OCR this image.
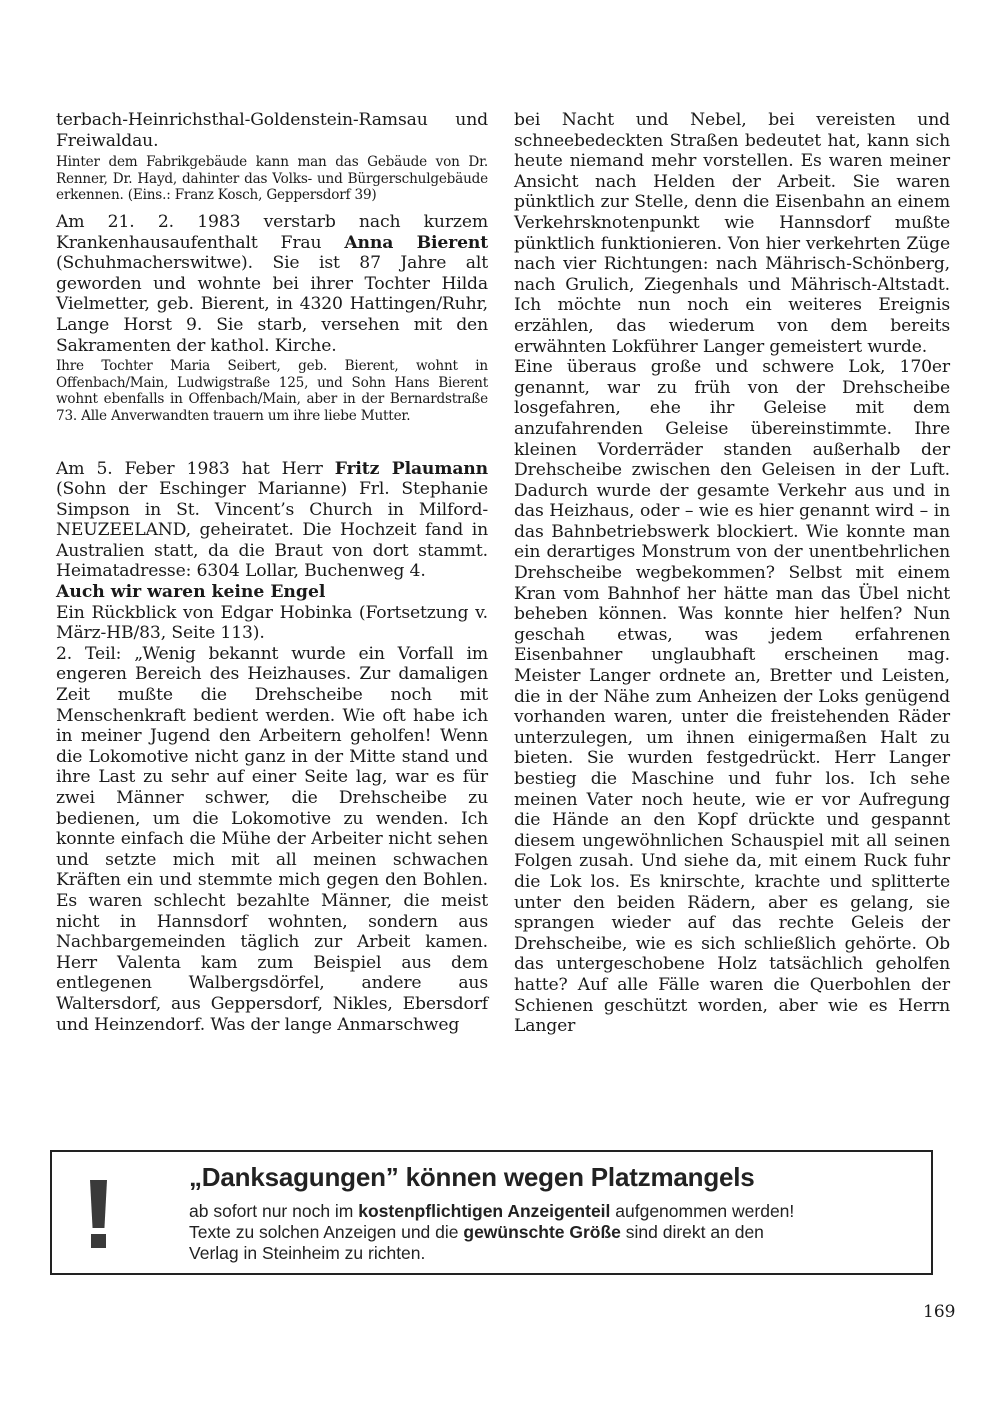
terbach-Heinrichsthal-Goldenstein-Ramsau und Freiwaldau.

Hinter dem Fabrikgebäude kann man das Gebäude von Dr. Renner, Dr. Hayd, dahinter das Volks- und Bürgerschulgebäude erkennen. (Eins.: Franz Kosch, Geppersdorf 39)

Am 21. 2. 1983 verstarb nach kurzem Krankenhausaufenthalt Frau Anna Bierent (Schuhmacherswitwe). Sie ist 87 Jahre alt geworden und wohnte bei ihrer Tochter Hilda Vielmetter, geb. Bierent, in 4320 Hattingen/Ruhr, Lange Horst 9. Sie starb, versehen mit den Sakramenten der kathol. Kirche.

Ihre Tochter Maria Seibert, geb. Bierent, wohnt in Offenbach/Main, Ludwigstraße 125, und Sohn Hans Bierent wohnt ebenfalls in Offenbach/Main, aber in der Bernardstraße 73. Alle Anverwandten trauern um ihre liebe Mutter.

Am 5. Feber 1983 hat Herr Fritz Plaumann (Sohn der Eschinger Marianne) Frl. Stephanie Simpson in St. Vincent’s Church in Milford-NEUZEELAND, geheiratet. Die Hochzeit fand in Australien statt, da die Braut von dort stammt. Heimatadresse: 6304 Lollar, Buchenweg 4.

Auch wir waren keine Engel

Ein Rückblick von Edgar Hobinka (Fortsetzung v. März-HB/83, Seite 113).

2. Teil: „Wenig bekannt wurde ein Vorfall im engeren Bereich des Heizhauses. Zur damaligen Zeit mußte die Drehscheibe noch mit Menschenkraft bedient werden. Wie oft habe ich in meiner Jugend den Arbeitern geholfen! Wenn die Lokomotive nicht ganz in der Mitte stand und ihre Last zu sehr auf einer Seite lag, war es für zwei Männer schwer, die Drehscheibe zu bedienen, um die Lokomotive zu wenden. Ich konnte einfach die Mühe der Arbeiter nicht sehen und setzte mich mit all meinen schwachen Kräften ein und stemmte mich gegen den Bohlen. Es waren schlecht bezahlte Männer, die meist nicht in Hannsdorf wohnten, sondern aus Nachbargemeinden täglich zur Arbeit kamen. Herr Valenta kam zum Beispiel aus dem entlegenen Walbergsdörfel, andere aus Waltersdorf, aus Geppersdorf, Nikles, Ebersdorf und Heinzendorf. Was der lange Anmarschweg

bei Nacht und Nebel, bei vereisten und schneebedeckten Straßen bedeutet hat, kann sich heute niemand mehr vorstellen. Es waren meiner Ansicht nach Helden der Arbeit. Sie waren pünktlich zur Stelle, denn die Eisenbahn an einem Verkehrsknotenpunkt wie Hannsdorf mußte pünktlich funktionieren. Von hier verkehrten Züge nach vier Richtungen: nach Mährisch-Schönberg, nach Grulich, Ziegenhals und Mährisch-Altstadt. Ich möchte nun noch ein weiteres Ereignis erzählen, das wiederum von dem bereits erwähnten Lokführer Langer gemeistert wurde.

Eine überaus große und schwere Lok, 170er genannt, war zu früh von der Drehscheibe losgefahren, ehe ihr Geleise mit dem anzufahrenden Geleise übereinstimmte. Ihre kleinen Vorderräder standen außerhalb der Drehscheibe zwischen den Geleisen in der Luft. Dadurch wurde der gesamte Verkehr aus und in das Heizhaus, oder – wie es hier genannt wird – in das Bahnbetriebswerk blockiert. Wie konnte man ein derartiges Monstrum von der unentbehrlichen Drehscheibe wegbekommen? Selbst mit einem Kran vom Bahnhof her hätte man das Übel nicht beheben können. Was konnte hier helfen? Nun geschah etwas, was jedem erfahrenen Eisenbahner unglaubhaft erscheinen mag. Meister Langer ordnete an, Bretter und Leisten, die in der Nähe zum Anheizen der Loks genügend vorhanden waren, unter die freistehenden Räder unterzulegen, um ihnen einigermaßen Halt zu bieten. Sie wurden festgedrückt. Herr Langer bestieg die Maschine und fuhr los. Ich sehe meinen Vater noch heute, wie er vor Aufregung die Hände an den Kopf drückte und gespannt diesem ungewöhnlichen Schauspiel mit all seinen Folgen zusah. Und siehe da, mit einem Ruck fuhr die Lok los. Es knirschte, krachte und splitterte unter den beiden Rädern, aber es gelang, sie sprangen wieder auf das rechte Geleis der Drehscheibe, wie es sich schließlich gehörte. Ob das untergeschobene Holz tatsächlich geholfen hatte? Auf alle Fälle waren die Querbohlen der Schienen geschützt worden, aber wie es Herrn Langer

„Danksagungen” können wegen Platzmangels
ab sofort nur noch im kostenpflichtigen Anzeigenteil aufgenommen werden!
Texte zu solchen Anzeigen und die gewünschte Größe sind direkt an den
Verlag in Steinheim zu richten.
169
